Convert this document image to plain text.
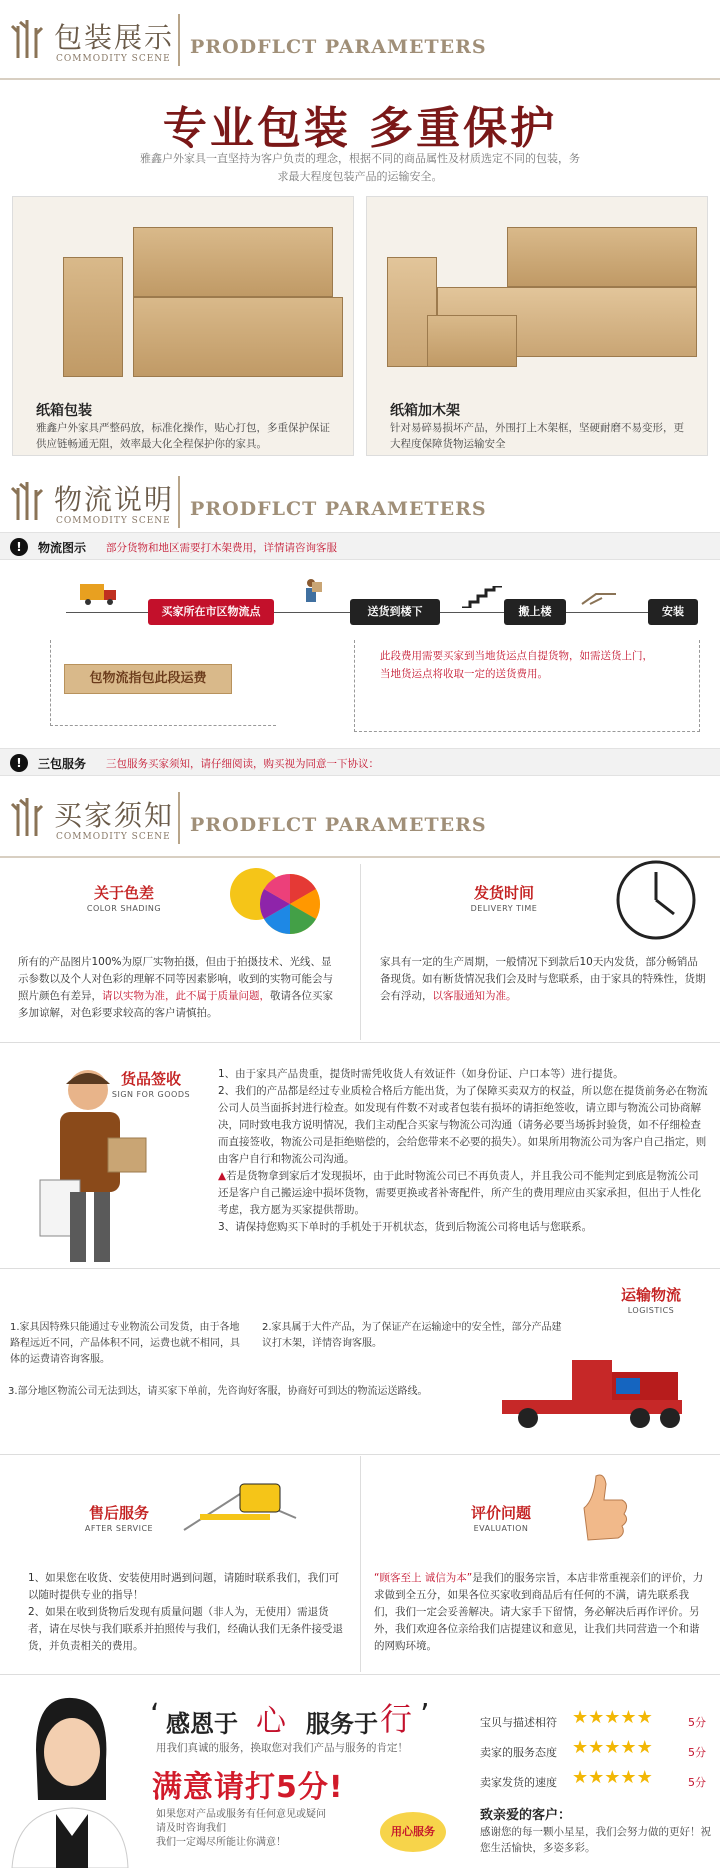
包装展示
COMMODITY SCENE
PRODFLCT PARAMETERS
专业包装 多重保护
雅鑫户外家具一直坚持为客户负责的理念，根据不同的商品属性及材质选定不同的包装，务求最大程度包装产品的运输安全。
纸箱包装
雅鑫户外家具严整码放，标准化操作，贴心打包，多重保护保证供应链畅通无阻，效率最大化全程保护你的家具。
纸箱加木架
针对易碎易损坏产品，外围打上木架框，坚硬耐磨不易变形，更大程度保障货物运输安全
物流说明
COMMODITY SCENE
PRODFLCT PARAMETERS
!	物流图示 部分货物和地区需要打木架费用，详情请咨询客服
买家所在市区物流点	送货到楼下	搬上楼	安装
包物流指包此段运费
此段费用需要买家到当地货运点自提货物，如需送货上门，
当地货运点将收取一定的送货费用。
!	三包服务 三包服务买家须知，请仔细阅读，购买视为同意一下协议：
买家须知
COMMODITY SCENE
PRODFLCT PARAMETERS
关于色差
COLOR SHADING
所有的产品图片100%为原厂实物拍摄，但由于拍摄技术、光线、显示参数以及个人对色彩的理解不同等因素影响，收到的实物可能会与照片颜色有差异，请以实物为准，此不属于质量问题，敬请各位买家多加谅解，对色彩要求较高的客户请慎拍。
发货时间
DELIVERY TIME
家具有一定的生产周期，一般情况下到款后10天内发货，部分畅销品备现货。如有断货情况我们会及时与您联系，由于家具的特殊性，货期会有浮动，以客服通知为准。
货品签收
SIGN FOR GOODS
1、由于家具产品贵重，提货时需凭收货人有效证件（如身份证、户口本等）进行提货。
2、我们的产品都是经过专业质检合格后方能出货，为了保障买卖双方的权益，所以您在提货前务必在物流公司人员当面拆封进行检查。如发现有件数不对或者包装有损坏的请拒绝签收，请立即与物流公司协商解决，同时致电我方说明情况，我们主动配合买家与物流公司沟通（请务必要当场拆封验货，如不仔细检查而直接签收，物流公司是拒绝赔偿的，会给您带来不必要的损失）。如果所用物流公司为客户自己指定，则由客户自行和物流公司沟通。
▲若是货物拿到家后才发现损坏，由于此时物流公司已不再负责人，并且我公司不能判定到底是物流公司还是客户自己搬运途中损坏货物，需要更换或者补寄配件，所产生的费用理应由买家承担，但出于人性化考虑，我方愿为买家提供帮助。
3、请保持您购买下单时的手机处于开机状态，货到后物流公司将电话与您联系。
运输物流
LOGISTICS
1.家具因特殊只能通过专业物流公司发货，由于各地路程远近不同，产品体积不同，运费也就不相同，具体的运费请咨询客服。
2.家具属于大件产品，为了保证产在运输途中的安全性，部分产品建议打木架，详情咨询客服。
3.部分地区物流公司无法到达，请买家下单前，先咨询好客服，协商好可到达的物流运送路线。
售后服务
AFTER SERVICE
1、如果您在收货、安装使用时遇到问题，请随时联系我们，我们可以随时提供专业的指导！
2、如果在收到货物后发现有质量问题（非人为，无使用）需退货者，请在尽快与我们联系并拍照传与我们，经确认我们无条件接受退货，并负责相关的费用。
评价问题
EVALUATION
“顾客至上 诚信为本”是我们的服务宗旨，本店非常重视亲们的评价，力求做到全五分，如果各位买家收到商品后有任何的不满，请先联系我们，我们一定会妥善解决。请大家手下留情，务必解决后再作评价。另外，我们欢迎各位亲给我们店提建议和意见，让我们共同营造一个和谐的网购环境。
‘ 感恩于 心 服务于 行 ’
用我们真诚的服务，换取您对我们产品与服务的肯定！
满意请打5分!
如果您对产品或服务有任何意见或疑问
请及时咨询我们
我们一定竭尽所能让你满意！
用心服务
宝贝与描述相符 ★★★★★	5分
卖家的服务态度 ★★★★★	5分
卖家发货的速度 ★★★★★	5分
致亲爱的客户：
感谢您的每一颗小星星，我们会努力做的更好！祝您生活愉快，多姿多彩。
